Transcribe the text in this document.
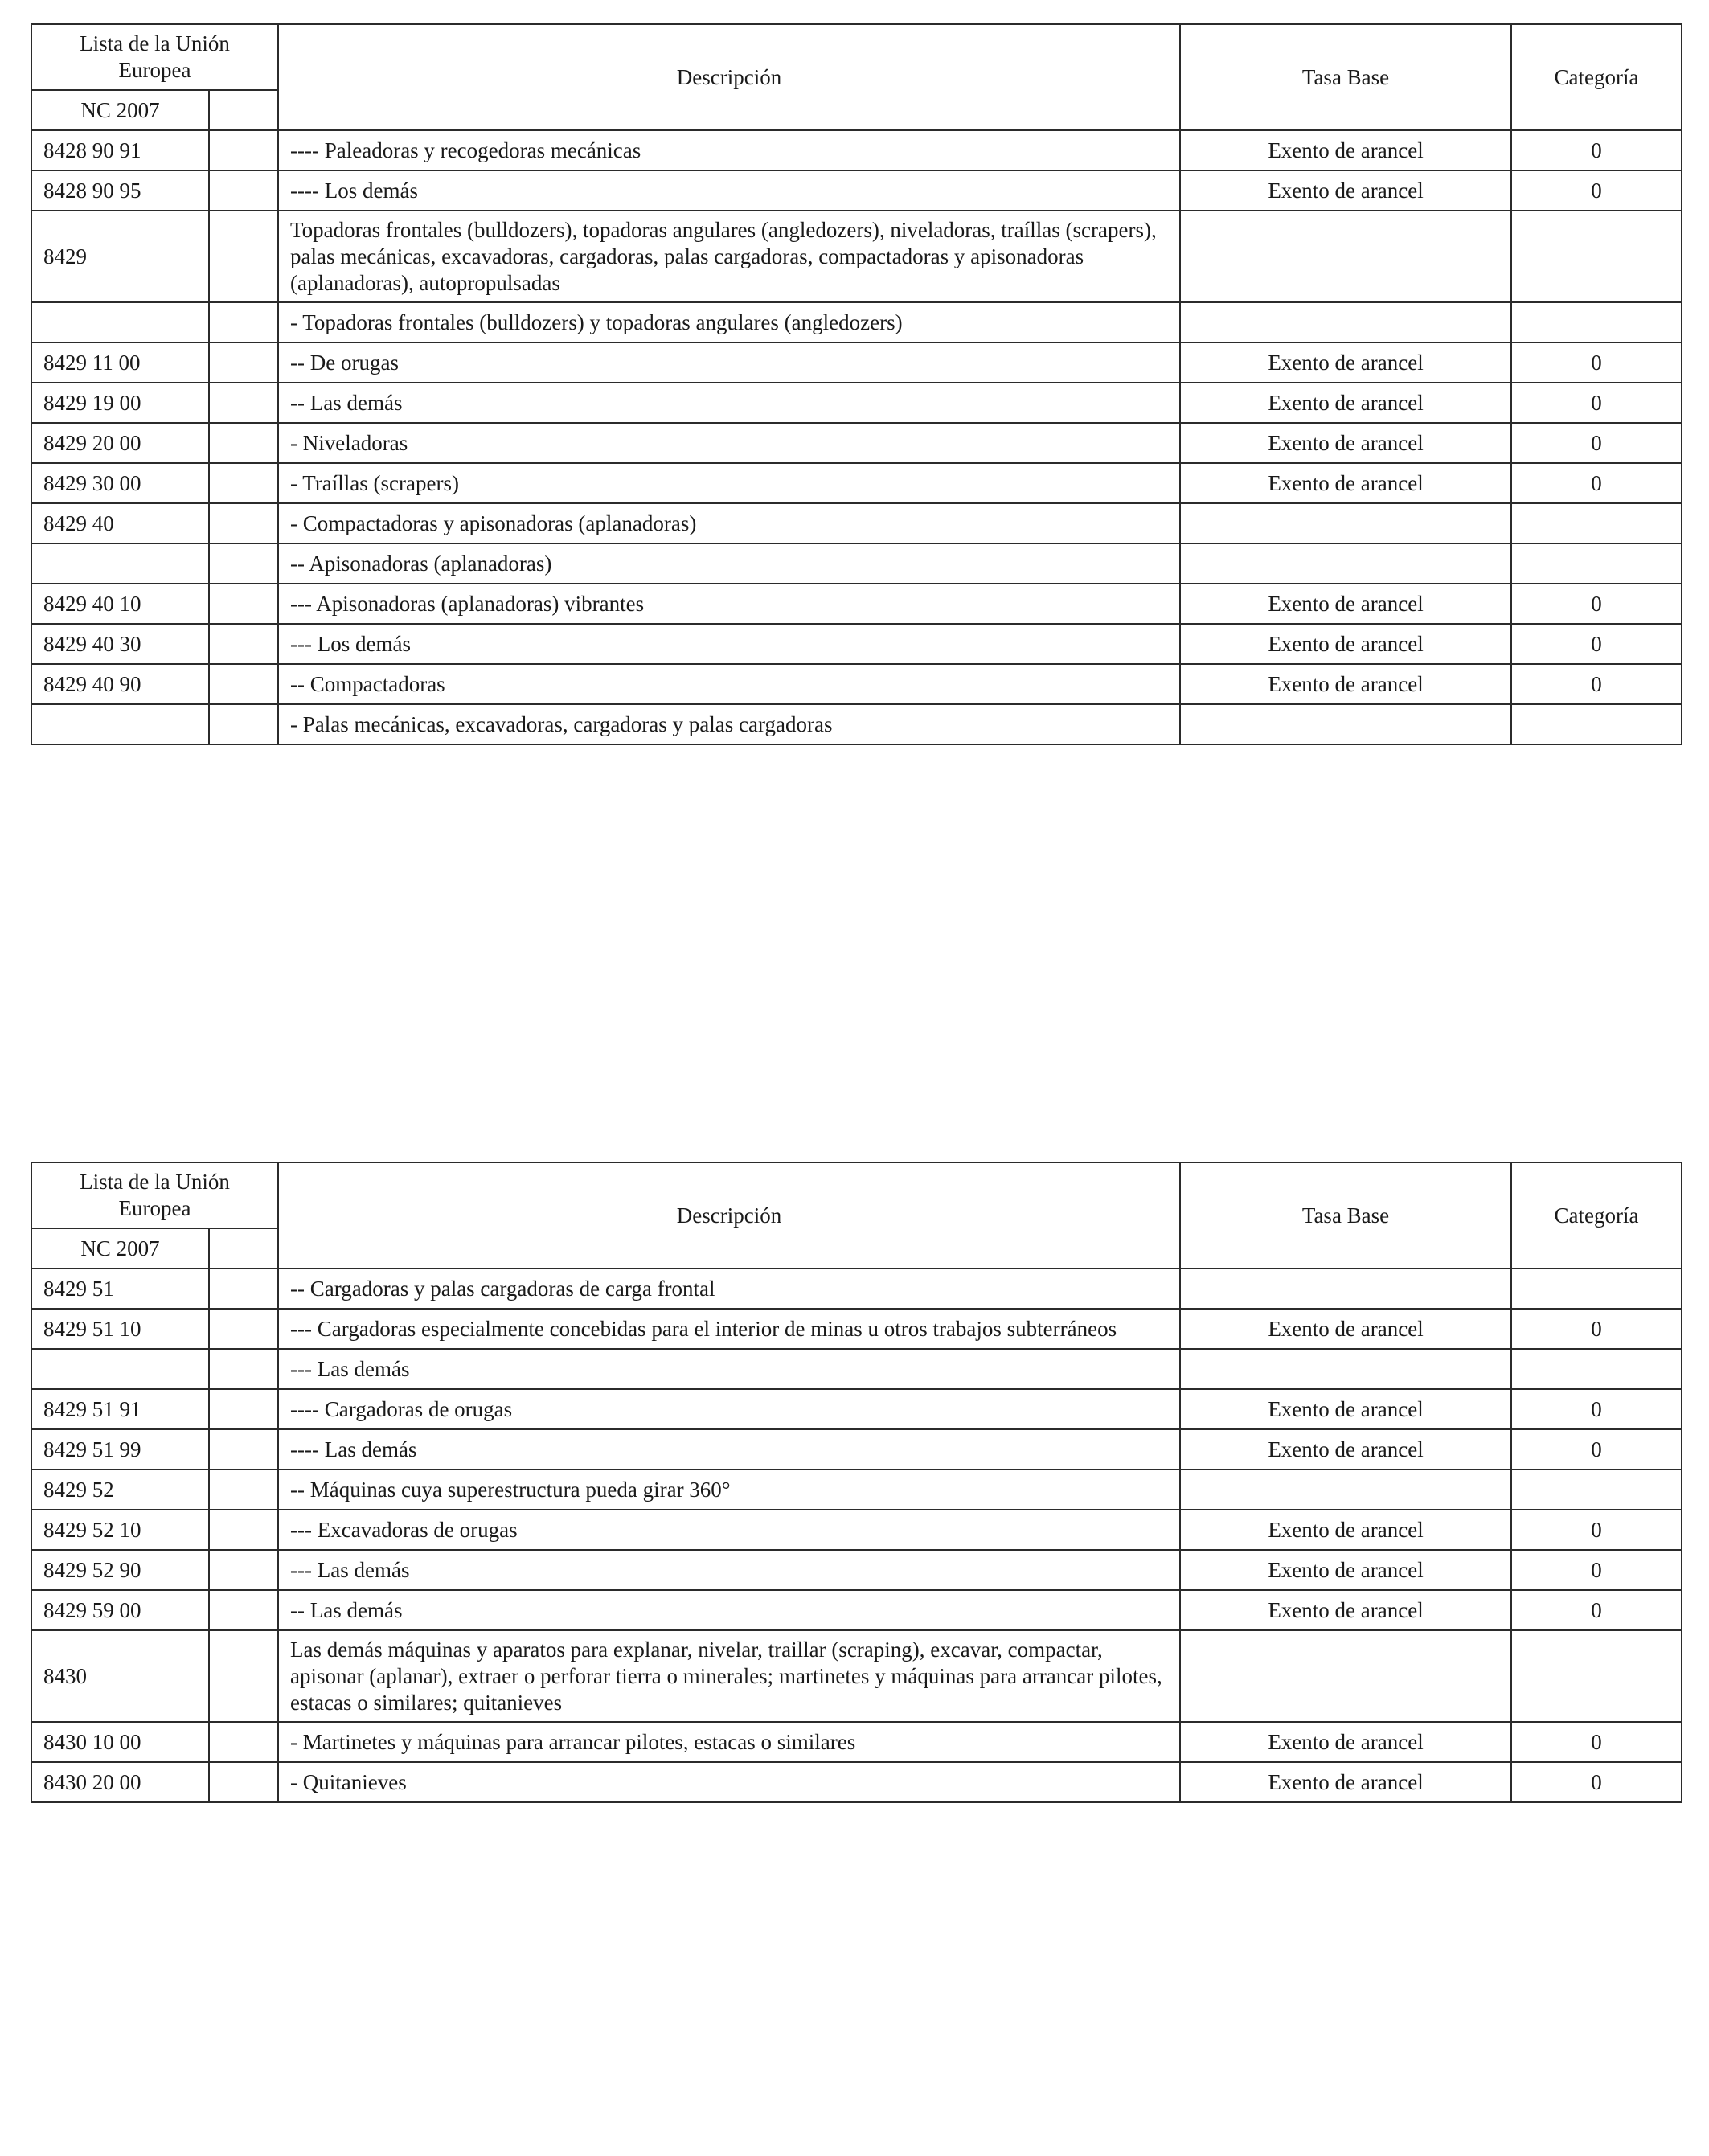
Lista de la Unión Europea		Descripción	Tasa Base	Categoría
NC 2007				
8428 90 91		---- Paleadoras y recogedoras mecánicas	Exento de arancel	0
8428 90 95		---- Los demás	Exento de arancel	0
8429		Topadoras frontales (bulldozers), topadoras angulares (angledozers), niveladoras, traíllas (scrapers), palas mecánicas, excavadoras, cargadoras, palas cargadoras, compactadoras y apisonadoras (aplanadoras), autopropulsadas		
		- Topadoras frontales (bulldozers) y topadoras angulares (angledozers)		
8429 11 00		-- De orugas	Exento de arancel	0
8429 19 00		-- Las demás	Exento de arancel	0
8429 20 00		- Niveladoras	Exento de arancel	0
8429 30 00		- Traíllas (scrapers)	Exento de arancel	0
8429 40		- Compactadoras y apisonadoras (aplanadoras)		
		-- Apisonadoras (aplanadoras)		
8429 40 10		--- Apisonadoras (aplanadoras) vibrantes	Exento de arancel	0
8429 40 30		--- Los demás	Exento de arancel	0
8429 40 90		-- Compactadoras	Exento de arancel	0
		- Palas mecánicas, excavadoras, cargadoras y palas cargadoras		
Lista de la Unión Europea		Descripción	Tasa Base	Categoría
NC 2007				
8429 51		-- Cargadoras y palas cargadoras de carga frontal		
8429 51 10		--- Cargadoras especialmente concebidas para el interior de minas u otros trabajos subterráneos	Exento de arancel	0
		--- Las demás		
8429 51 91		---- Cargadoras de orugas	Exento de arancel	0
8429 51 99		---- Las demás	Exento de arancel	0
8429 52		-- Máquinas cuya superestructura pueda girar 360°		
8429 52 10		--- Excavadoras de orugas	Exento de arancel	0
8429 52 90		--- Las demás	Exento de arancel	0
8429 59 00		-- Las demás	Exento de arancel	0
8430		Las demás máquinas y aparatos para explanar, nivelar, traillar (scraping), excavar, compactar, apisonar (aplanar), extraer o perforar tierra o minerales; martinetes y máquinas para arrancar pilotes, estacas o similares; quitanieves		
8430 10 00		- Martinetes y máquinas para arrancar pilotes, estacas o similares	Exento de arancel	0
8430 20 00		- Quitanieves	Exento de arancel	0
